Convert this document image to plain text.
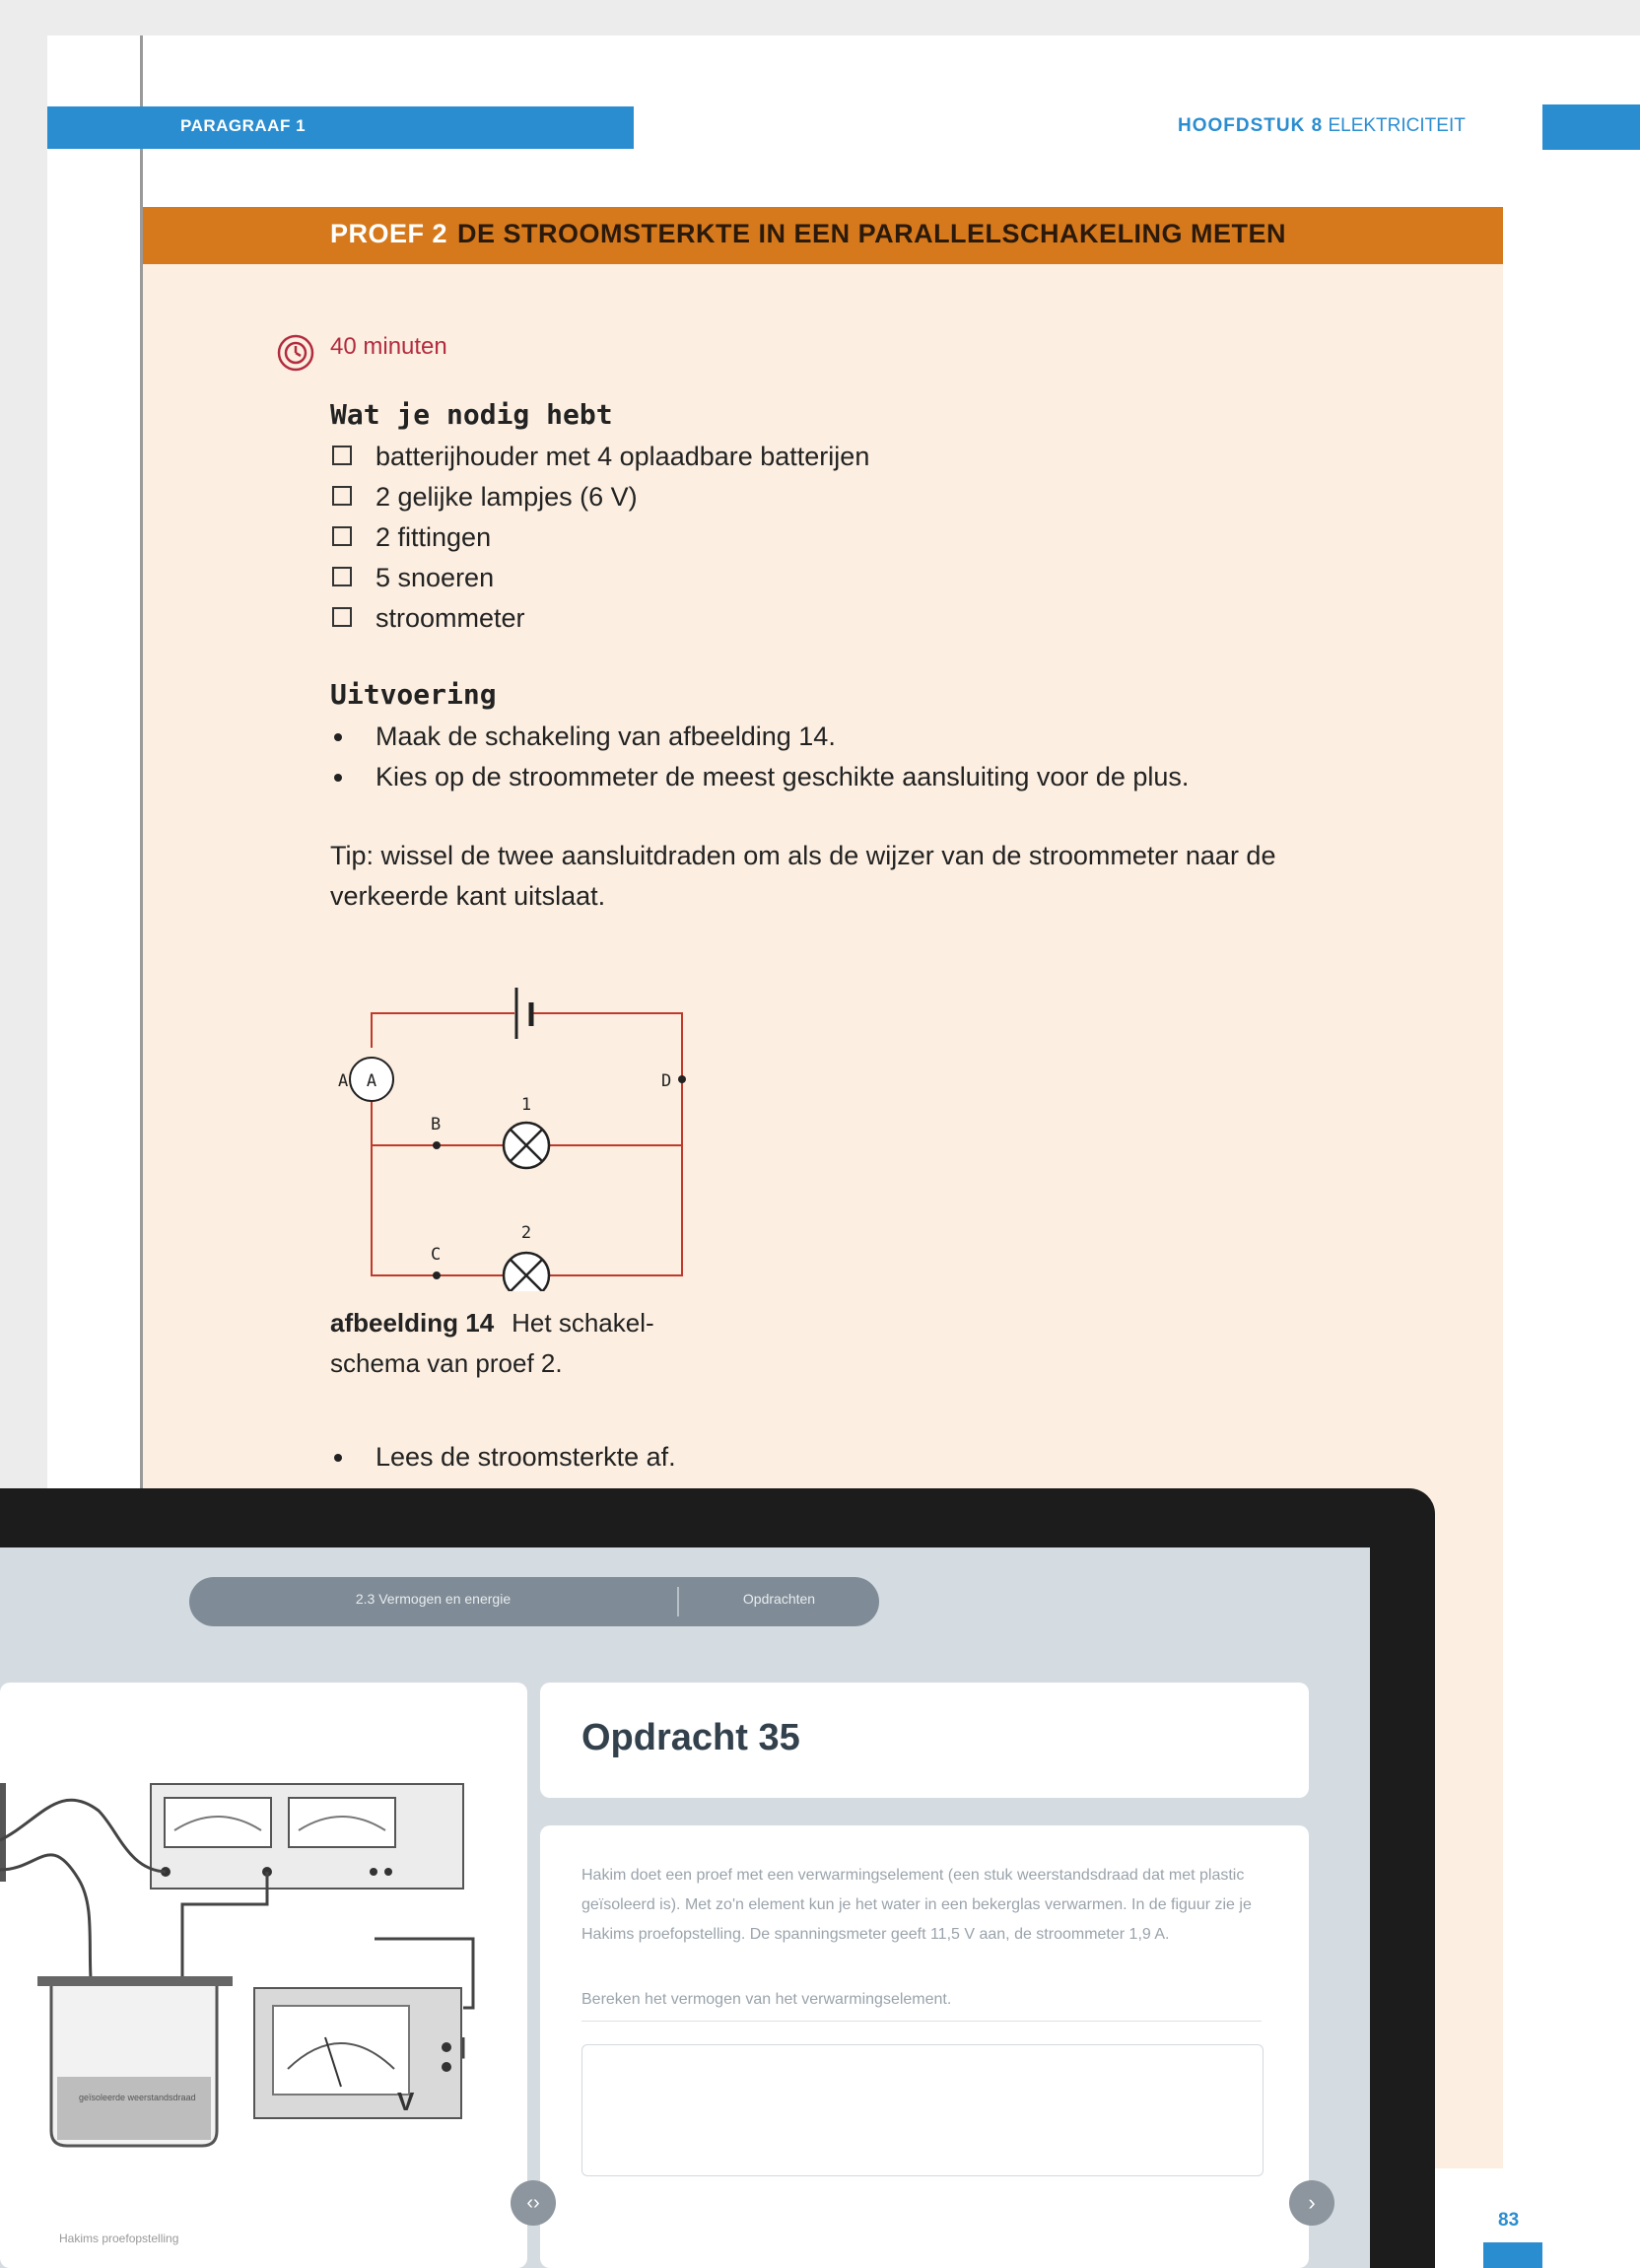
PARAGRAAF 1	HOOFDSTUK 8 ELEKTRICITEIT
PROEF 2 DE STROOMSTERKTE IN EEN PARALLELSCHAKELING METEN
40 minuten
Wat je nodig hebt
batterijhouder met 4 oplaadbare batterijen
2 gelijke lampjes (6 V)
2 fittingen
5 snoeren
stroommeter
Uitvoering
Maak de schakeling van afbeelding 14.
Kies op de stroommeter de meest geschikte aansluiting voor de plus.
Tip: wissel de twee aansluitdraden om als de wijzer van de stroommeter naar de verkeerde kant uitslaat.
A
A	D
B
C
1
2
afbeelding 14 Het schakel-schema van proef 2.
Lees de stroomsterkte af.
2.3 Vermogen en energie	Opdrachten
geïsoleerde weerstandsdraad	V
Hakims proefopstelling
Opdracht 35
Hakim doet een proef met een verwarmingselement (een stuk weerstandsdraad dat met plastic geïsoleerd is). Met zo'n element kun je het water in een bekerglas verwarmen. In de figuur zie je Hakims proefopstelling. De spanningsmeter geeft 11,5 V aan, de stroommeter 1,9 A.
Bereken het vermogen van het verwarmingselement.
‹›	›
83
